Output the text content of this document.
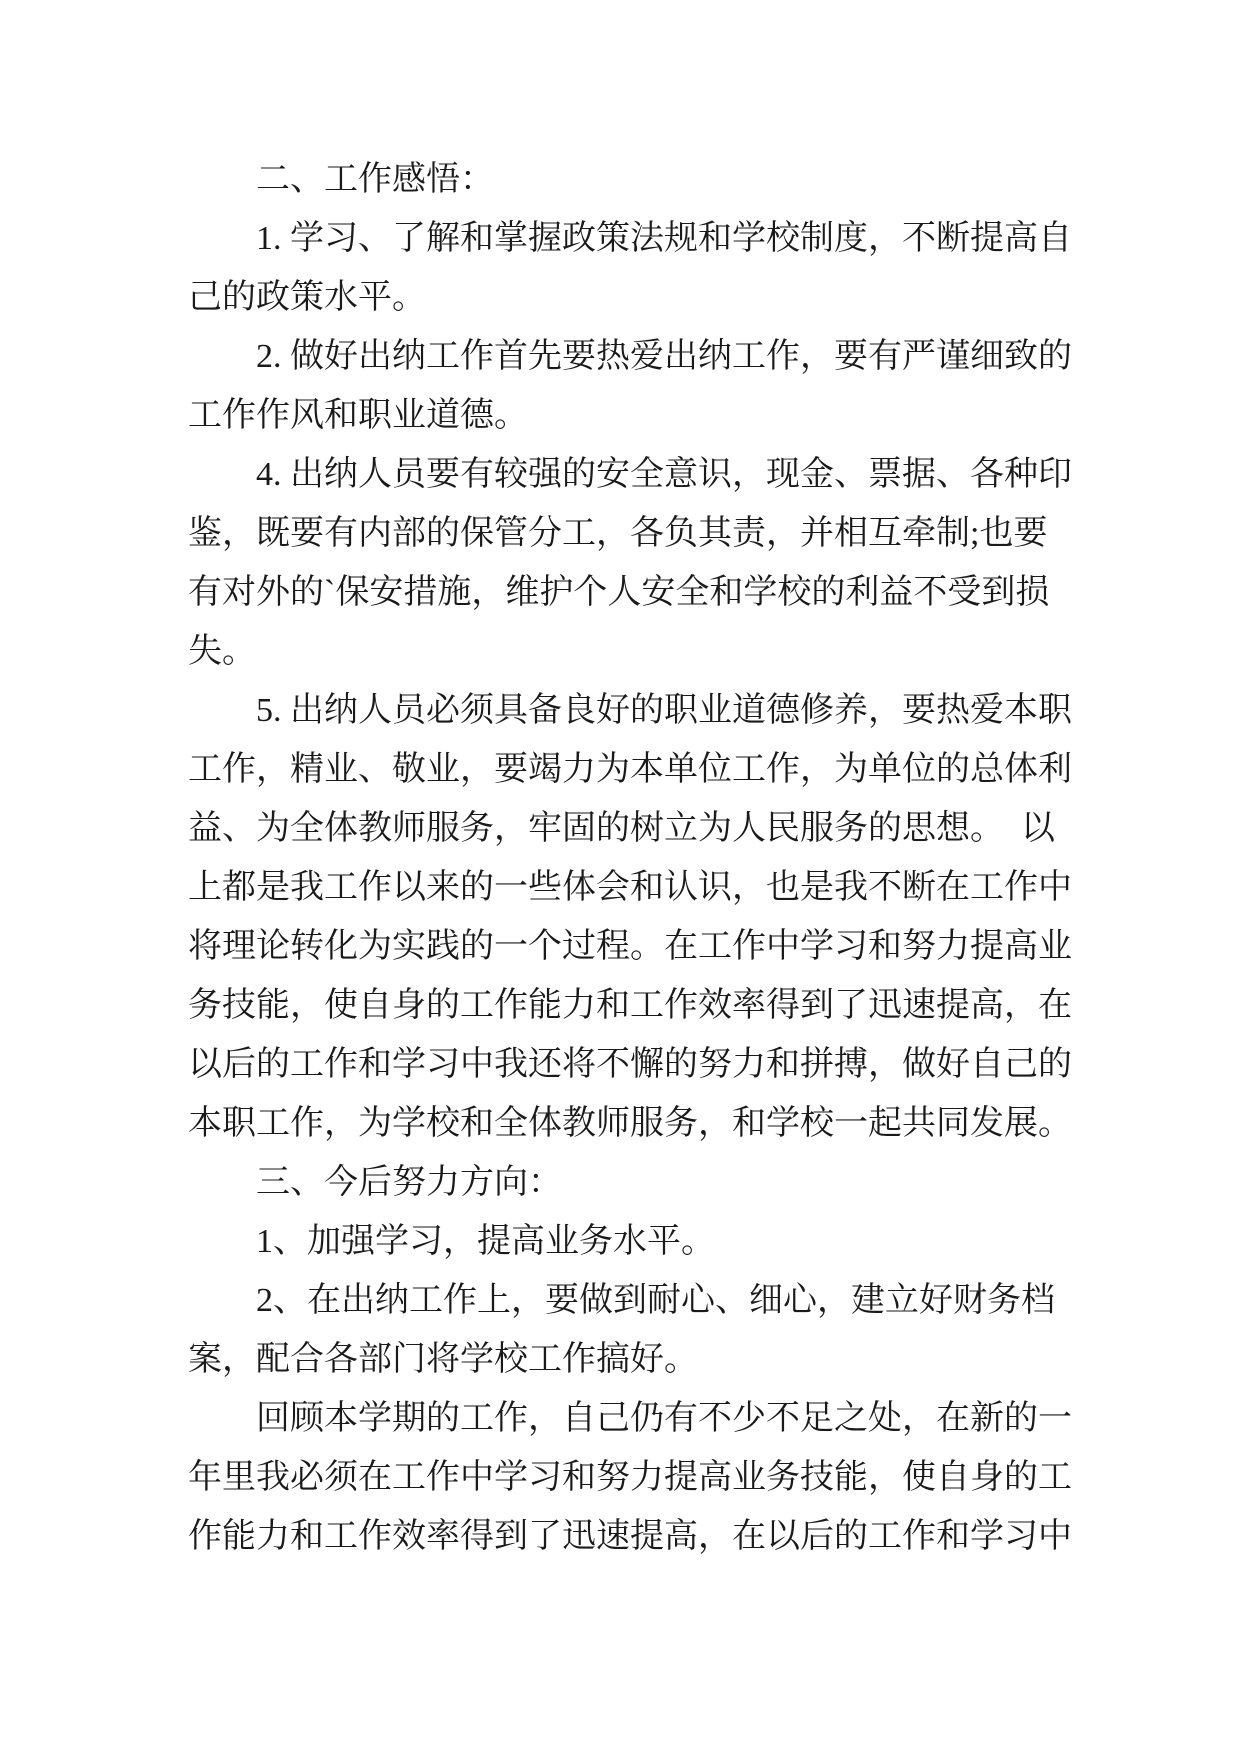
二、工作感悟：
1. 学习、了解和掌握政策法规和学校制度，不断提高自
己的政策水平。
2. 做好出纳工作首先要热爱出纳工作，要有严谨细致的
工作作风和职业道德。
4. 出纳人员要有较强的安全意识，现金、票据、各种印
鉴，既要有内部的保管分工，各负其责，并相互牵制;也要
有对外的`保安措施，维护个人安全和学校的利益不受到损
失。
5. 出纳人员必须具备良好的职业道德修养，要热爱本职
工作，精业、敬业，要竭力为本单位工作，为单位的总体利
益、为全体教师服务，牢固的树立为人民服务的思想。　以
上都是我工作以来的一些体会和认识，也是我不断在工作中
将理论转化为实践的一个过程。在工作中学习和努力提高业
务技能，使自身的工作能力和工作效率得到了迅速提高，在
以后的工作和学习中我还将不懈的努力和拼搏，做好自己的
本职工作，为学校和全体教师服务，和学校一起共同发展。
三、今后努力方向：
1、加强学习，提高业务水平。
2、在出纳工作上，要做到耐心、细心，建立好财务档
案，配合各部门将学校工作搞好。
回顾本学期的工作，自己仍有不少不足之处，在新的一
年里我必须在工作中学习和努力提高业务技能，使自身的工
作能力和工作效率得到了迅速提高，在以后的工作和学习中
